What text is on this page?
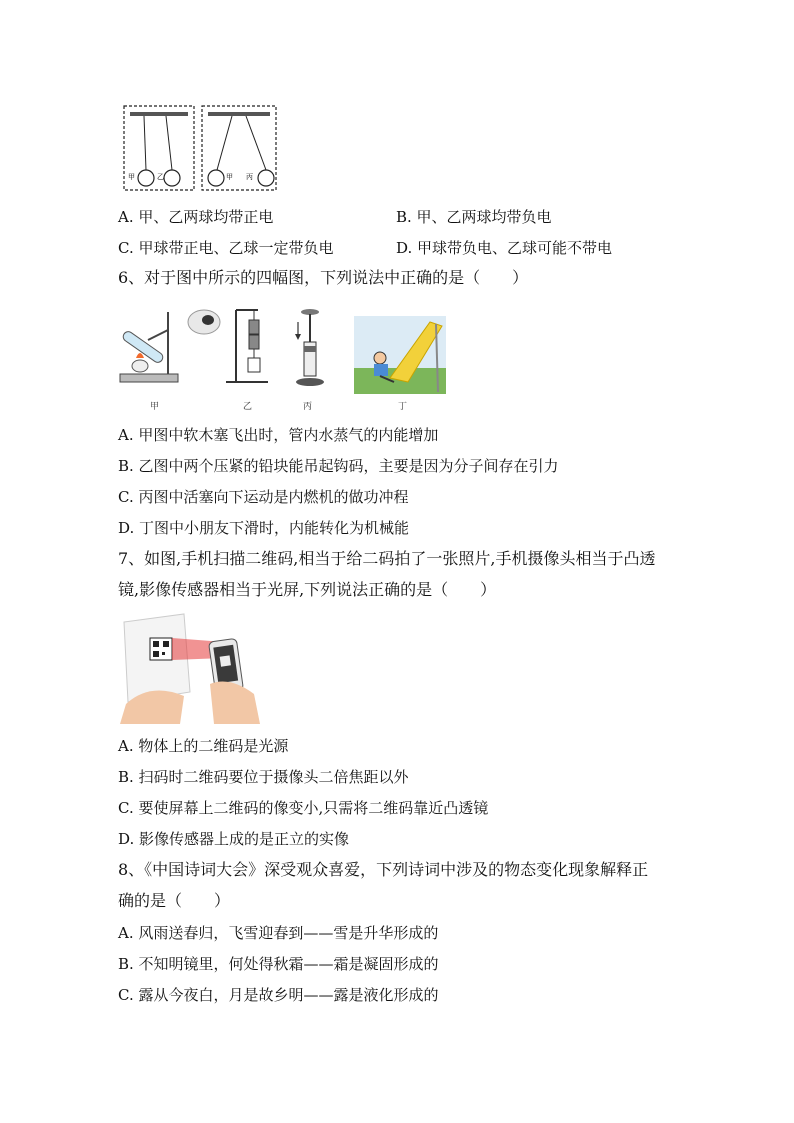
甲	乙	甲 丙
A. 甲、乙两球均带正电	B. 甲、乙两球均带负电
C. 甲球带正电、乙球一定带负电	D. 甲球带负电、乙球可能不带电
6、对于图中所示的四幅图，下列说法中正确的是（　　）
甲	乙	丙	丁
A. 甲图中软木塞飞出时，管内水蒸气的内能增加
B. 乙图中两个压紧的铅块能吊起钩码，主要是因为分子间存在引力
C. 丙图中活塞向下运动是内燃机的做功冲程
D. 丁图中小朋友下滑时，内能转化为机械能
7、如图,手机扫描二维码,相当于给二码拍了一张照片,手机摄像头相当于凸透
镜,影像传感器相当于光屏,下列说法正确的是（　　）
A. 物体上的二维码是光源
B. 扫码时二维码要位于摄像头二倍焦距以外
C. 要使屏幕上二维码的像变小,只需将二维码靠近凸透镜
D. 影像传感器上成的是正立的实像
8、《中国诗词大会》深受观众喜爱，下列诗词中涉及的物态变化现象解释正
确的是（　　）
A. 风雨送春归，飞雪迎春到——雪是升华形成的
B. 不知明镜里，何处得秋霜——霜是凝固形成的
C. 露从今夜白，月是故乡明——露是液化形成的
